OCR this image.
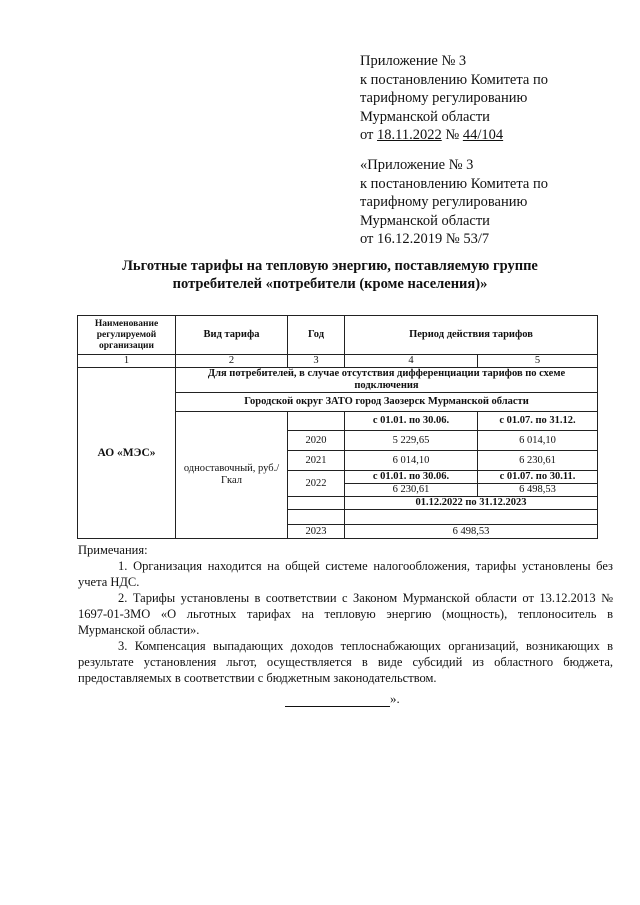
Приложение № 3
к постановлению Комитета по
тарифному регулированию
Мурманской области
от 18.11.2022 № 44/104
«Приложение № 3
к постановлению Комитета по
тарифному регулированию
Мурманской области
от 16.12.2019 № 53/7
Льготные тарифы на тепловую энергию, поставляемую группе
потребителей «потребители (кроме населения)»
Наименование регулируемой организации	Вид тарифа	Год	Период действия тарифов	
1	2	3	4	5
АО «МЭС»	Для потребителей, в случае отсутствия дифференциации тарифов по схеме подключения			
	Городской округ ЗАТО город Заозерск Мурманской области			
	одноставочный, руб./Гкал		с 01.01. по 30.06.	с 01.07. по 31.12.
		2020	5 229,65	6 014,10
		2021	6 014,10	6 230,61
		2022	с 01.01. по 30.06.	с 01.07. по 30.11.
			6 230,61	6 498,53
			01.12.2022 по 31.12.2023	

		2023	6 498,53	

Примечания:

1. Организация находится на общей системе налогообложения, тарифы установлены без учета НДС.

2. Тарифы установлены в соответствии с Законом Мурманской области от 13.12.2013 № 1697-01-ЗМО «О льготных тарифах на тепловую энергию (мощность), теплоноситель в Мурманской области».

3. Компенсация выпадающих доходов теплоснабжающих организаций, возникающих в результате установления льгот, осуществляется в виде субсидий из областного бюджета, предоставляемых в соответствии с бюджетным законодательством.

».
